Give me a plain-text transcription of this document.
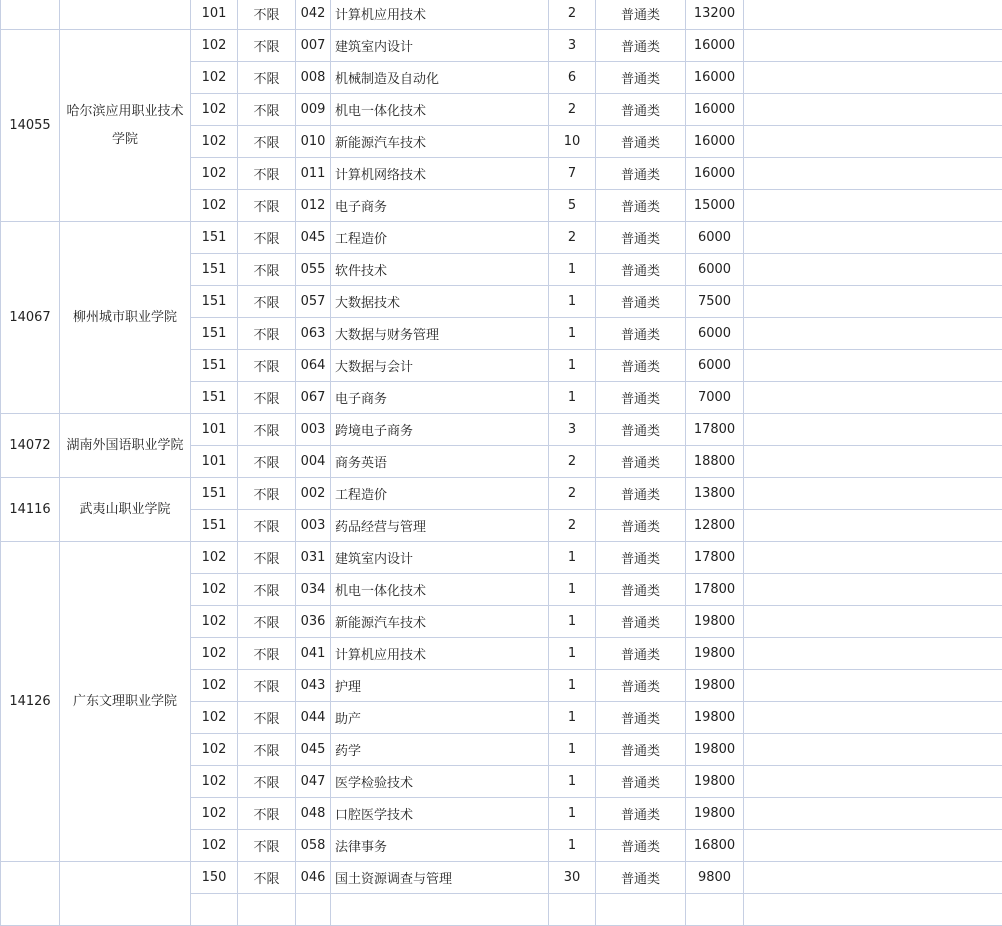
		101	不限	042	计算机应用技术	2	普通类	13200	
14055	哈尔滨应用职业技术学院	102	不限	007	建筑室内设计	3	普通类	16000	
		102	不限	008	机械制造及自动化	6	普通类	16000	
		102	不限	009	机电一体化技术	2	普通类	16000	
		102	不限	010	新能源汽车技术	10	普通类	16000	
		102	不限	011	计算机网络技术	7	普通类	16000	
		102	不限	012	电子商务	5	普通类	15000	
14067	柳州城市职业学院	151	不限	045	工程造价	2	普通类	6000	
		151	不限	055	软件技术	1	普通类	6000	
		151	不限	057	大数据技术	1	普通类	7500	
		151	不限	063	大数据与财务管理	1	普通类	6000	
		151	不限	064	大数据与会计	1	普通类	6000	
		151	不限	067	电子商务	1	普通类	7000	
14072	湖南外国语职业学院	101	不限	003	跨境电子商务	3	普通类	17800	
		101	不限	004	商务英语	2	普通类	18800	
14116	武夷山职业学院	151	不限	002	工程造价	2	普通类	13800	
		151	不限	003	药品经营与管理	2	普通类	12800	
14126	广东文理职业学院	102	不限	031	建筑室内设计	1	普通类	17800	
		102	不限	034	机电一体化技术	1	普通类	17800	
		102	不限	036	新能源汽车技术	1	普通类	19800	
		102	不限	041	计算机应用技术	1	普通类	19800	
		102	不限	043	护理	1	普通类	19800	
		102	不限	044	助产	1	普通类	19800	
		102	不限	045	药学	1	普通类	19800	
		102	不限	047	医学检验技术	1	普通类	19800	
		102	不限	048	口腔医学技术	1	普通类	19800	
		102	不限	058	法律事务	1	普通类	16800	
		150	不限	046	国土资源调查与管理	30	普通类	9800	
